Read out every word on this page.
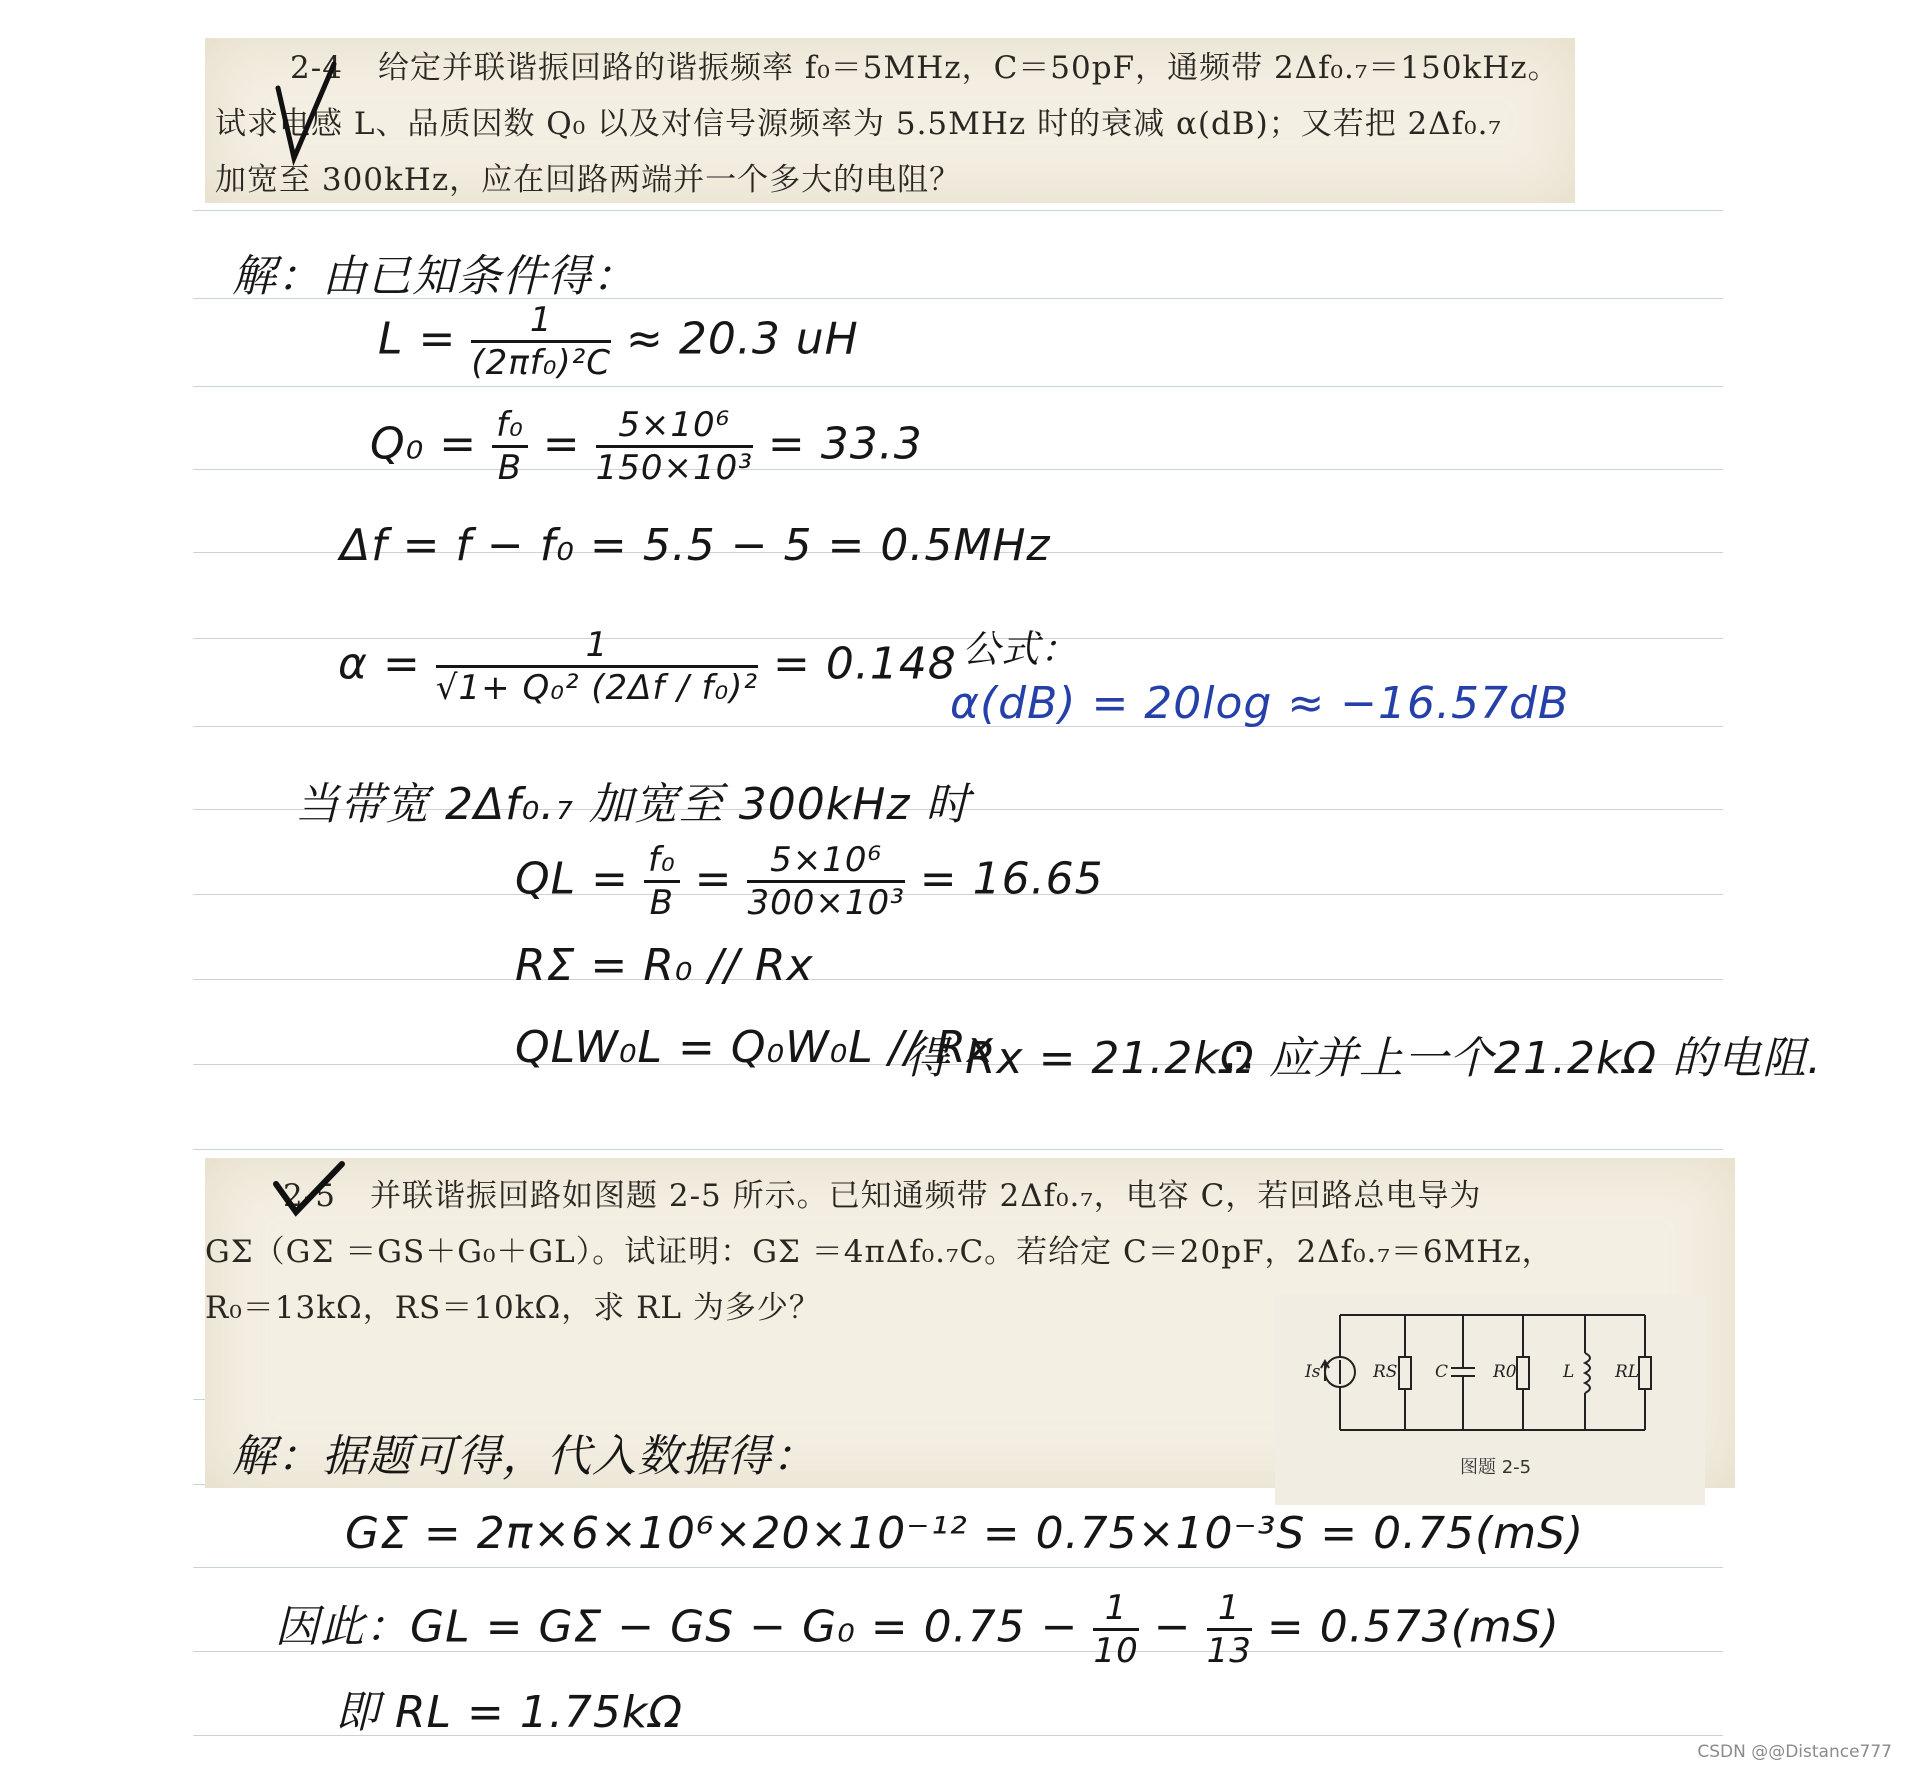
2-4 给定并联谐振回路的谐振频率 f₀＝5MHz，C＝50pF，通频带 2Δf₀.₇＝150kHz。
试求电感 L、品质因数 Q₀ 以及对信号源频率为 5.5MHz 时的衰减 α(dB)；又若把 2Δf₀.₇
加宽至 300kHz，应在回路两端并一个多大的电阻？
解：由已知条件得：
$L = \frac{1}{\text{(2πf₀)²C}} \approx 20.3$ uH
$Q_0 = \frac{\text{f₀}}{B} = \frac{\text{5×10⁶}}{\text{150×10³}} = 33.3$
Δf = f − f₀ = 5.5 − 5 = 0.5MHz
$\alpha = \frac{1}{\text{√1+ Q₀² (2Δf / f₀)²}} = 0.148$ 公式：
α(dB) = 20log ≈ −16.57dB
当带宽 2Δf₀.₇ 加宽至 300kHz 时
QL = $\frac{\text{f₀}}{B} = \frac{\text{5×10⁶}}{\text{300×10³}} = 16.65$
RΣ = R₀ // Rx
QLW₀L = Q₀W₀L // Rx
得 Rx = 21.2kΩ
∴ 应并上一个21.2kΩ 的电阻.
2-5 并联谐振回路如图题 2-5 所示。已知通频带 2Δf₀.₇，电容 C，若回路总电导为
GΣ（GΣ ＝GS＋G₀＋GL）。试证明：GΣ ＝4πΔf₀.₇C。若给定 C＝20pF，2Δf₀.₇＝6MHz，
R₀＝13kΩ，RS＝10kΩ，求 RL 为多少？
Is	RS C	R0	L RL
图题 2-5
解：据题可得，代入数据得：
GΣ = 2π×6×10⁶×20×10⁻¹² = 0.75×10⁻³S = 0.75(mS)
因此：GL = GΣ − GS − $G_0 = 0.75 - \frac{1}{10} - \frac{1}{13} = 0.573(mS)$
即 RL = 1.75kΩ
CSDN @@Distance777
